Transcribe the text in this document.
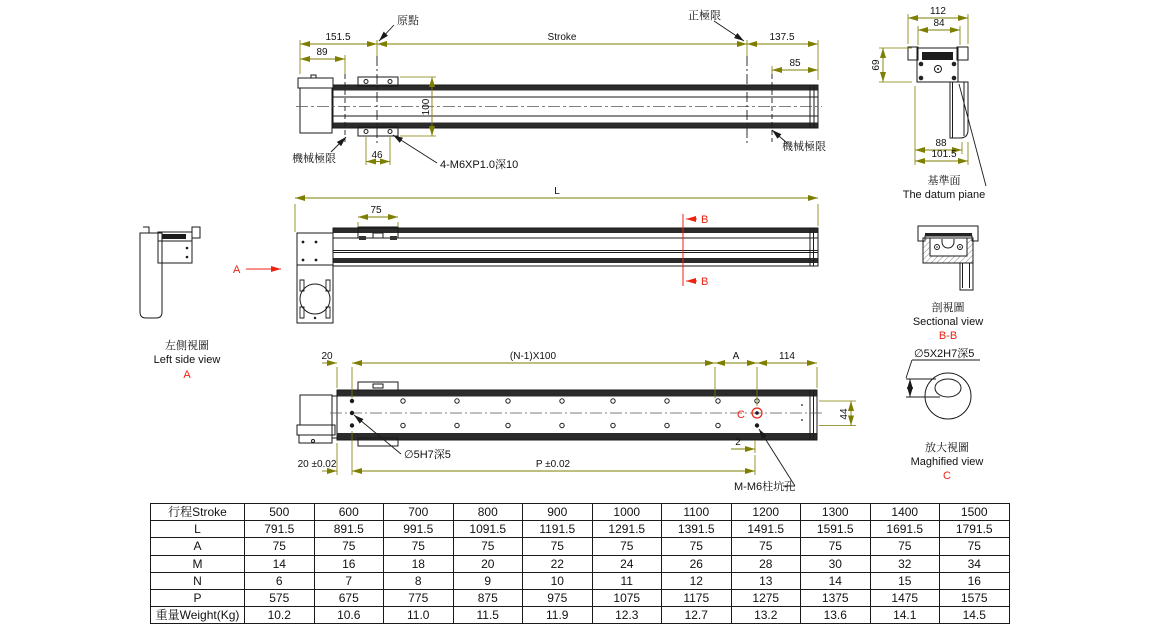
151.5	Stroke	137.5
89
85
100
46
原點	正極限
機械極限
機械極限
4-M6XP1.0深10
112
84
69
88
101.5
基準面
The datum piane
左側視圖
Left side view
A
A
L
75
B
B
剖視圖
Sectional view
B-B
20	(N-1)X100	A	114
44
2
20 ±0.02	P ±0.02
∅5H7深5
M-M6柱坑孔
C
∅5X2H7深5
放大視圖
Maghified view
C
行程Stroke	500	600	700	800	900	1000	1100	1200	1300	1400	1500
L	791.5	891.5	991.5	1091.5	1191.5	1291.5	1391.5	1491.5	1591.5	1691.5	1791.5
A	75	75	75	75	75	75	75	75	75	75	75
M	14	16	18	20	22	24	26	28	30	32	34
N	6	7	8	9	10	11	12	13	14	15	16
P	575	675	775	875	975	1075	1175	1275	1375	1475	1575
重量Weight(Kg)	10.2	10.6	11.0	11.5	11.9	12.3	12.7	13.2	13.6	14.1	14.5
